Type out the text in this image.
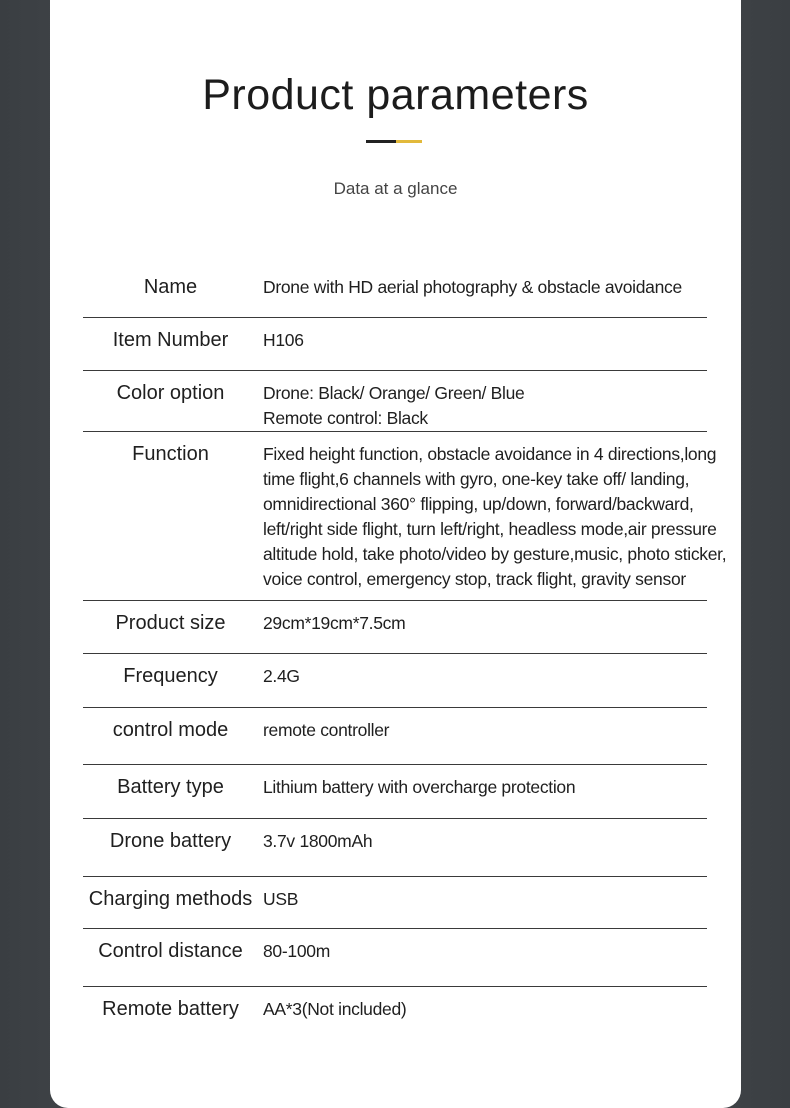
Product parameters
Data at a glance
Name	Drone with HD aerial photography & obstacle avoidance
Item Number	H106
Color option	Drone: Black/ Orange/ Green/ Blue
Remote control: Black
Function	Fixed height function, obstacle avoidance in 4 directions,long
time flight,6 channels with gyro, one-key take off/ landing,
omnidirectional 360° flipping, up/down, forward/backward,
left/right side flight, turn left/right, headless mode,air pressure
altitude hold, take photo/video by gesture,music, photo sticker,
voice control, emergency stop, track flight, gravity sensor
Product size	29cm*19cm*7.5cm
Frequency	2.4G
control mode	remote controller
Battery type	Lithium battery with overcharge protection
Drone battery	3.7v 1800mAh
Charging methods USB
Control distance	80-100m
Remote battery	AA*3(Not included)
